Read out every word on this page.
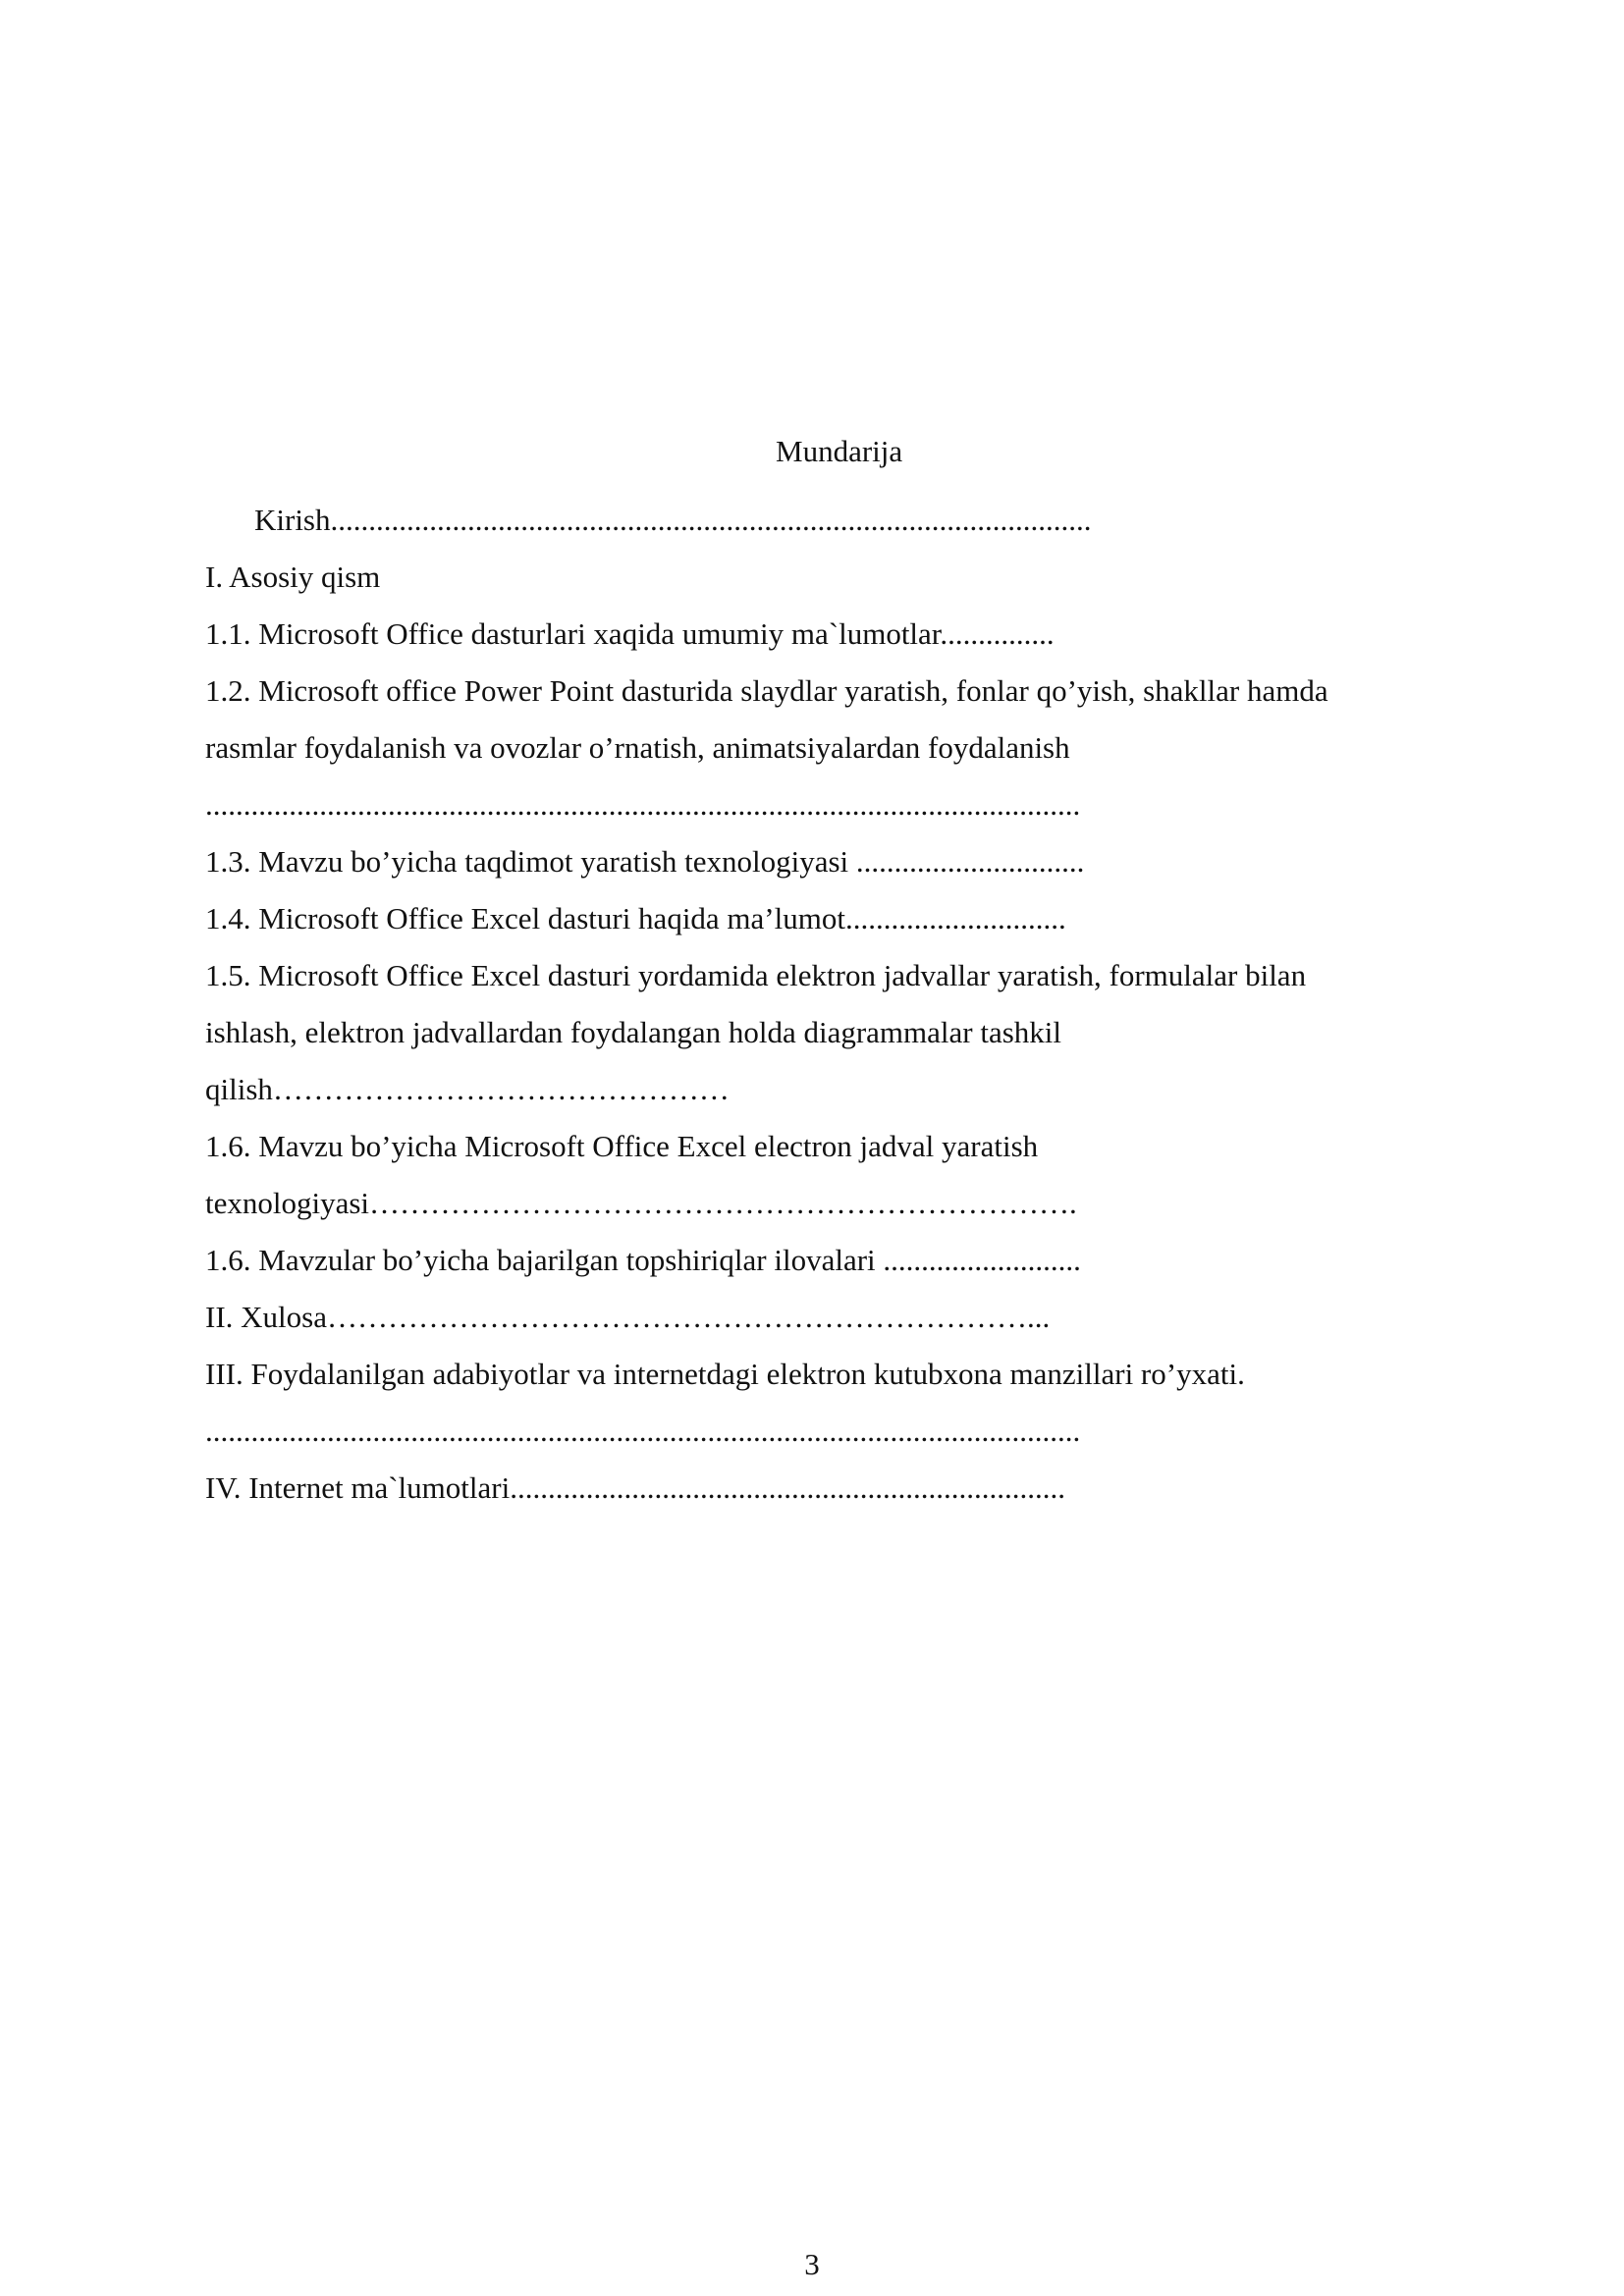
Mundarija
Kirish....................................................................................................
I. Asosiy qism
1.1. Microsoft Office dasturlari xaqida umumiy ma`lumotlar...............
1.2. Microsoft office Power Point dasturida slaydlar yaratish, fonlar qo’yish, shakllar hamda
rasmlar foydalanish va ovozlar o’rnatish, animatsiyalardan foydalanish
...................................................................................................................
1.3. Mavzu bo’yicha taqdimot yaratish texnologiyasi ..............................
1.4. Microsoft Office Excel dasturi haqida ma’lumot.............................
1.5. Microsoft Office Excel dasturi yordamida elektron jadvallar yaratish, formulalar bilan
ishlash, elektron jadvallardan foydalangan holda diagrammalar tashkil
qilish………………………………………
1.6. Mavzu bo’yicha Microsoft Office Excel electron jadval yaratish
texnologiyasi…………………………………………………………….
1.6. Mavzular bo’yicha bajarilgan topshiriqlar ilovalari ..........................
II. Xulosa……………………………………………………………...
III. Foydalanilgan adabiyotlar va internetdagi elektron kutubxona manzillari ro’yxati.
...................................................................................................................
IV. Internet ma`lumotlari.........................................................................
3
